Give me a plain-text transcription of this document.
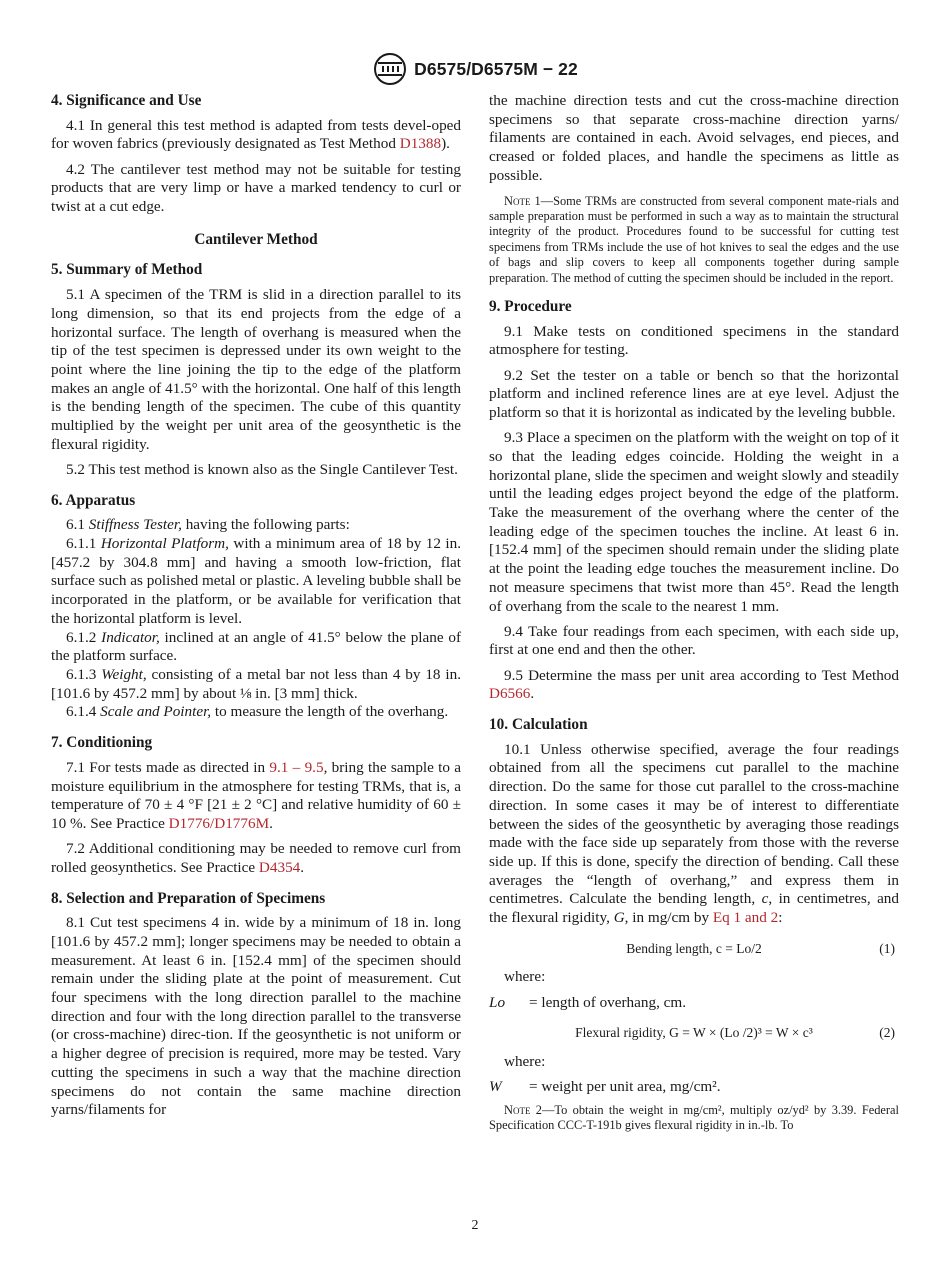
D6575/D6575M − 22
4. Significance and Use

4.1 In general this test method is adapted from tests devel-oped for woven fabrics (previously designated as Test Method D1388).

4.2 The cantilever test method may not be suitable for testing products that are very limp or have a marked tendency to curl or twist at a cut edge.

Cantilever Method
5. Summary of Method

5.1 A specimen of the TRM is slid in a direction parallel to its long dimension, so that its end projects from the edge of a horizontal surface. The length of overhang is measured when the tip of the test specimen is depressed under its own weight to the point where the line joining the tip to the edge of the platform makes an angle of 41.5° with the horizontal. One half of this length is the bending length of the specimen. The cube of this quantity multiplied by the weight per unit area of the geosynthetic is the flexural rigidity.

5.2 This test method is known also as the Single Cantilever Test.

6. Apparatus

6.1 Stiffness Tester, having the following parts:

6.1.1 Horizontal Platform, with a minimum area of 18 by 12 in. [457.2 by 304.8 mm] and having a smooth low-friction, flat surface such as polished metal or plastic. A leveling bubble shall be incorporated in the platform, or be available for verification that the horizontal platform is level.

6.1.2 Indicator, inclined at an angle of 41.5° below the plane of the platform surface.

6.1.3 Weight, consisting of a metal bar not less than 4 by 18 in. [101.6 by 457.2 mm] by about ⅛ in. [3 mm] thick.

6.1.4 Scale and Pointer, to measure the length of the overhang.

7. Conditioning

7.1 For tests made as directed in 9.1 – 9.5, bring the sample to a moisture equilibrium in the atmosphere for testing TRMs, that is, a temperature of 70 ± 4 °F [21 ± 2 °C] and relative humidity of 60 ± 10 %. See Practice D1776/D1776M.

7.2 Additional conditioning may be needed to remove curl from rolled geosynthetics. See Practice D4354.

8. Selection and Preparation of Specimens

8.1 Cut test specimens 4 in. wide by a minimum of 18 in. long [101.6 by 457.2 mm]; longer specimens may be needed to obtain a measurement. At least 6 in. [152.4 mm] of the specimen should remain under the sliding plate at the point of measurement. Cut four specimens with the long direction parallel to the machine direction and four with the long direction parallel to the transverse (or cross-machine) direc-tion. If the geosynthetic is not uniform or a higher degree of precision is required, more may be tested. Vary cutting the specimens in such a way that the machine direction specimens do not contain the same machine direction yarns/filaments for

the machine direction tests and cut the cross-machine direction specimens so that separate cross-machine direction yarns/ filaments are contained in each. Avoid selvages, end pieces, and creased or folded places, and handle the specimens as little as possible.

Note 1—Some TRMs are constructed from several component mate-rials and sample preparation must be performed in such a way as to maintain the structural integrity of the product. Procedures found to be successful for cutting test specimens from TRMs include the use of hot knives to seal the edges and the use of bags and slip covers to keep all components together during sample preparation. The method of cutting the specimen should be included in the report.
9. Procedure

9.1 Make tests on conditioned specimens in the standard atmosphere for testing.

9.2 Set the tester on a table or bench so that the horizontal platform and inclined reference lines are at eye level. Adjust the platform so that it is horizontal as indicated by the leveling bubble.

9.3 Place a specimen on the platform with the weight on top of it so that the leading edges coincide. Holding the weight in a horizontal plane, slide the specimen and weight slowly and steadily until the leading edges project beyond the edge of the platform. Take the measurement of the overhang where the center of the leading edge of the specimen touches the incline. At least 6 in. [152.4 mm] of the specimen should remain under the sliding plate at the point the leading edge touches the measurement incline. Do not measure specimens that twist more than 45°. Read the length of overhang from the scale to the nearest 1 mm.

9.4 Take four readings from each specimen, with each side up, first at one end and then the other.

9.5 Determine the mass per unit area according to Test Method D6566.

10. Calculation

10.1 Unless otherwise specified, average the four readings obtained from all the specimens cut parallel to the machine direction. Do the same for those cut parallel to the cross-machine direction. In some cases it may be of interest to differentiate between the sides of the geosynthetic by averaging those readings made with the face side up separately from those with the reverse side up. If this is done, specify the direction of bending. Call these averages the “length of overhang,” and express them in centimetres. Calculate the bending length, c, in centimetres, and the flexural rigidity, G, in mg/cm by Eq 1 and 2:

Bending length, c = Lo/2	(1)

where:

Lo	= length of overhang, cm.
Flexural rigidity, G = W × (Lo /2)³ = W × c³	(2)

where:

W	= weight per unit area, mg/cm².
Note 2—To obtain the weight in mg/cm², multiply oz/yd² by 3.39. Federal Specification CCC-T-191b gives flexural rigidity in in.-lb. To
2
